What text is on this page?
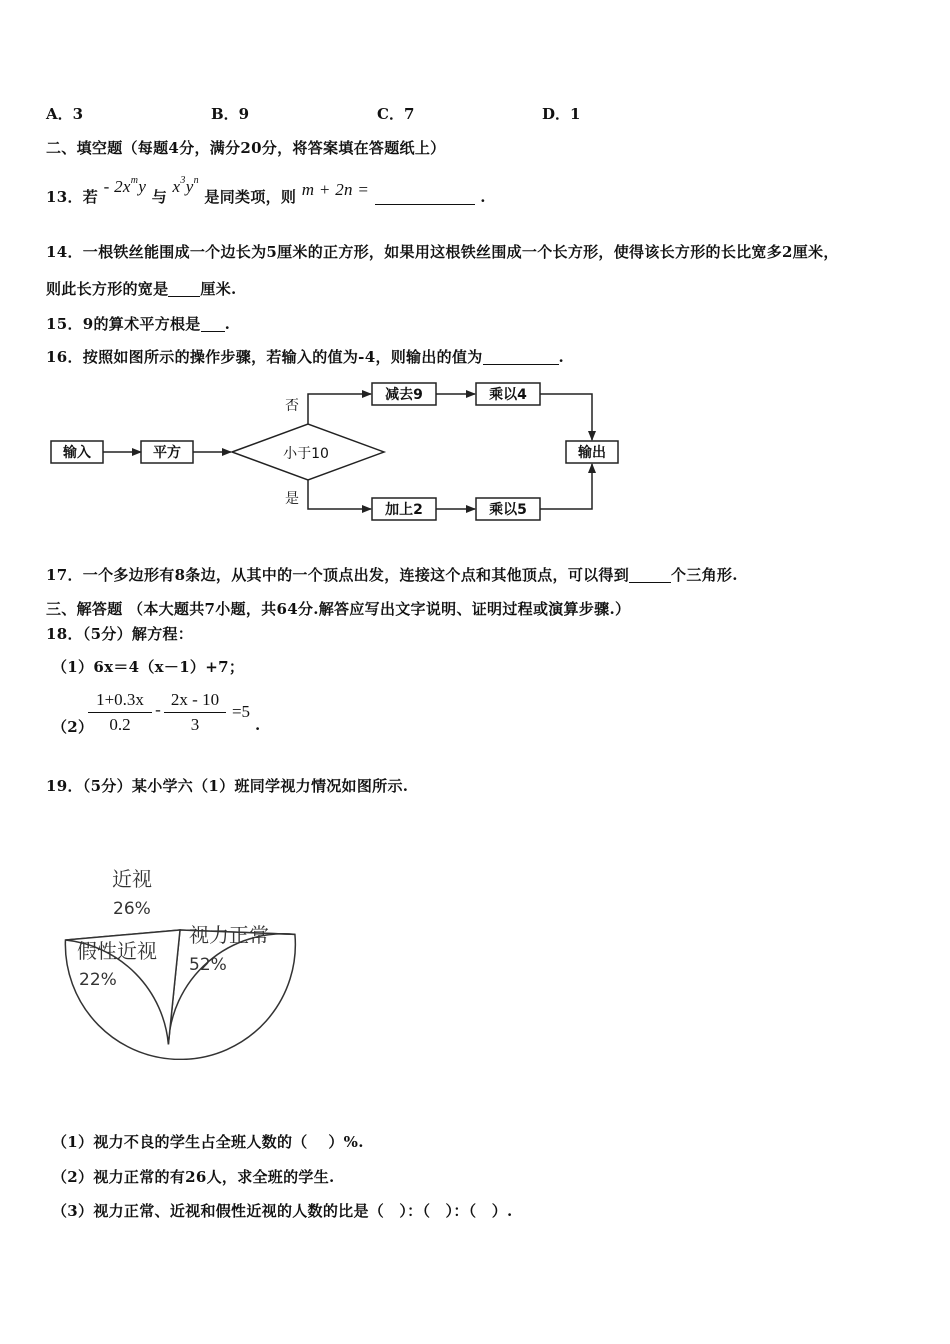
A．3	B．9	C．7	D．1
二、填空题（每题4分，满分20分，将答案填在答题纸上）
13．若 - $2x^my$ 与 $x^3y^n$ 是同类项，则 m + 2n =	.
14．一根铁丝能围成一个边长为5厘米的正方形，如果用这根铁丝围成一个长方形，使得该长方形的长比宽多2厘米，
则此长方形的宽是 厘米.
15．9的算术平方根是 .
16．按照如图所示的操作步骤，若输入的值为-4，则输出的值为	.
输入	平方	小于10
减去9	乘以4
加上2	乘以5
输出
否
是
17．一个多边形有8条边，从其中的一个顶点出发，连接这个点和其他顶点，可以得到	个三角形.
三、解答题 （本大题共7小题，共64分.解答应写出文字说明、证明过程或演算步骤.）
18．（5分）解方程：
（1）6x＝4（x－1）+7；
（2）
$\frac{1+0.3x}{0.2} - \frac{2x - 10}{3} =5$
.
19．（5分）某小学六（1）班同学视力情况如图所示.
近视
26%
视力正常
52%
假性近视
22%
（1）视力不良的学生占全班人数的（　 ）%.
（2）视力正常的有26人，求全班的学生.
（3）视力正常、近视和假性近视的人数的比是（　）：（　）：（　）.
